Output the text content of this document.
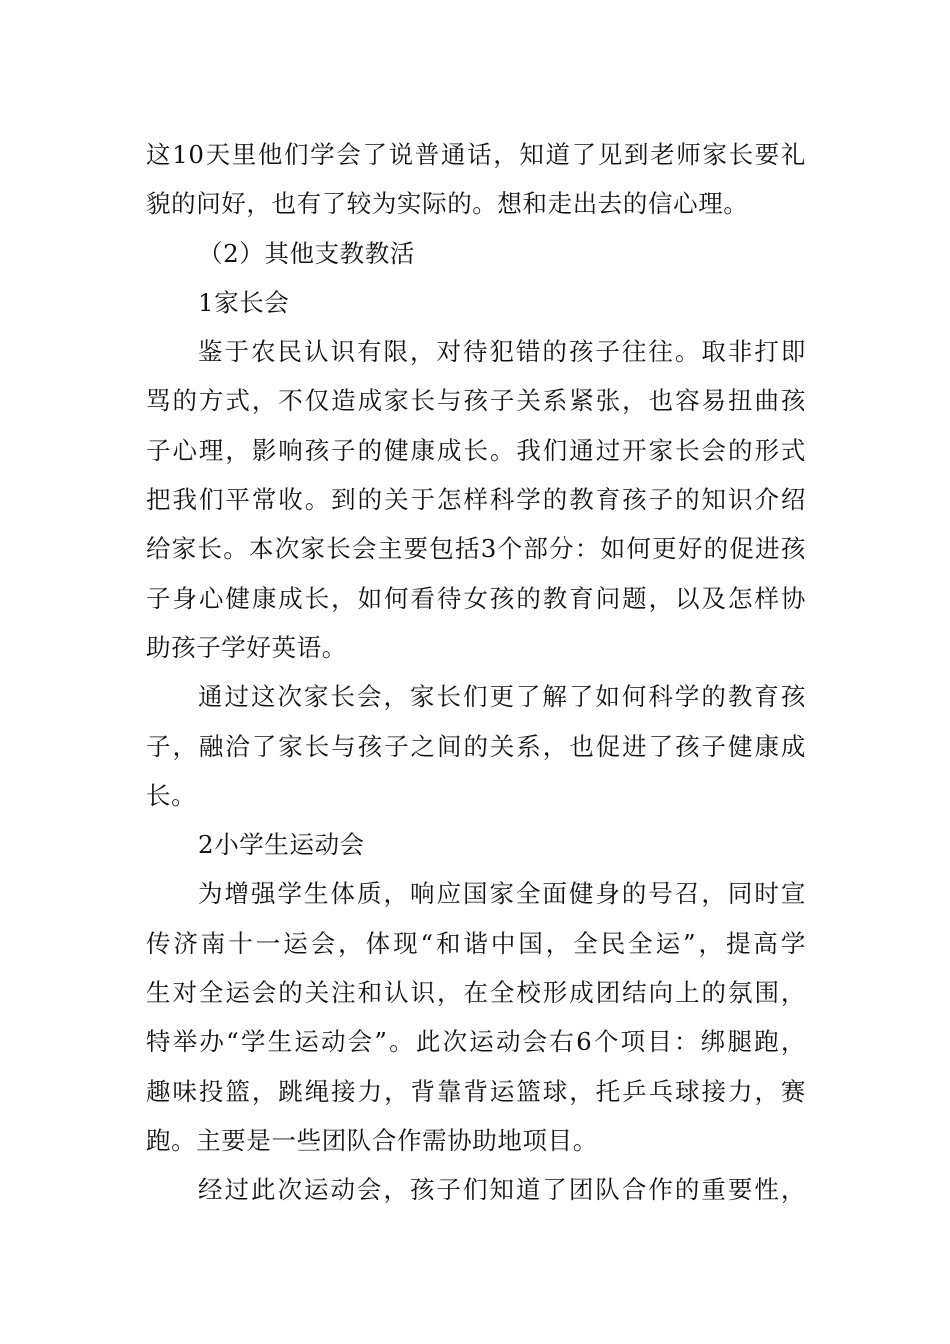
这10天里他们学会了说普通话，知道了见到老师家长要礼
貌的问好，也有了较为实际的。想和走出去的信心理。
（2）其他支教教活
1家长会
鉴于农民认识有限，对待犯错的孩子往往。取非打即
骂的方式，不仅造成家长与孩子关系紧张，也容易扭曲孩
子心理，影响孩子的健康成长。我们通过开家长会的形式
把我们平常收。到的关于怎样科学的教育孩子的知识介绍
给家长。本次家长会主要包括3个部分：如何更好的促进孩
子身心健康成长，如何看待女孩的教育问题，以及怎样协
助孩子学好英语。
通过这次家长会，家长们更了解了如何科学的教育孩
子，融洽了家长与孩子之间的关系，也促进了孩子健康成
长。
2小学生运动会
为增强学生体质，响应国家全面健身的号召，同时宣
传济南十一运会，体现“和谐中国，全民全运”，提高学
生对全运会的关注和认识，在全校形成团结向上的氛围，
特举办“学生运动会”。此次运动会右6个项目：绑腿跑，
趣味投篮，跳绳接力，背靠背运篮球，托乒乓球接力，赛
跑。主要是一些团队合作需协助地项目。
经过此次运动会，孩子们知道了团队合作的重要性，
